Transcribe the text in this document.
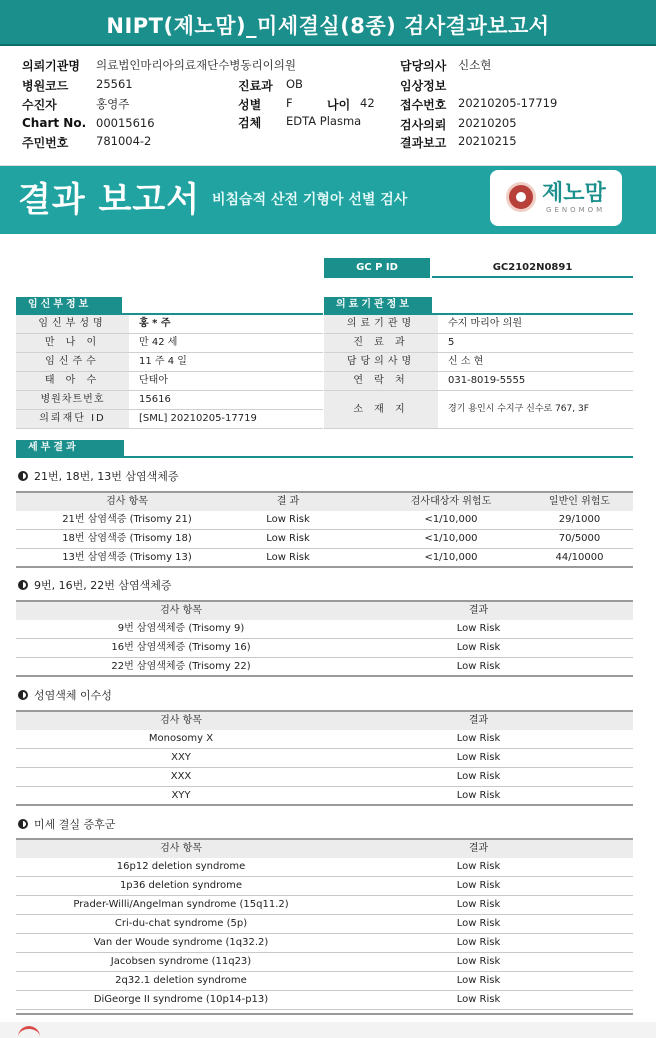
NIPT(제노맘)_미세결실(8종) 검사결과보고서
의뢰기관명 의료법인마리아의료재단수병동리이의원	담당의사 신소현
병원코드 25561	진료과 OB	임상정보
수진자	홍영주	성별 F	나이 42 접수번호 20210205-17719
Chart No. 00015616	검체 EDTA Plasma	검사의뢰 20210205
주민번호 781004-2	결과보고 20210215
결과 보고서 비침습적 산전 기형아 선별 검사	제노맘
GENOMOM
GC P ID	GC2102N0891
임신부정보	의료기관정보
임신부성명	홍 * 주
만 나 이	만 42 세
임신주수	11 주 4 일
태 아 수	단태아
병원차트번호	15616
의뢰재단 ID	[SML] 20210205-17719
의료기관명	수지 마리아 의원
진 료 과	5
담당의사명	신 소 현
연 락 처	031-8019-5555
소 재 지	경기 용인시 수지구 신수로 767, 3F
세부결과
21번, 18번, 13번 삼염색체증
검사 항목	결 과	검사대상자 위험도	일반인 위험도
21번 삼염색증 (Trisomy 21)	Low Risk	<1/10,000	29/1000
18번 삼염색증 (Trisomy 18)	Low Risk	<1/10,000	70/5000
13번 삼염색증 (Trisomy 13)	Low Risk	<1/10,000	44/10000
9번, 16번, 22번 삼염색체증
검사 항목	결과
9번 삼염색체증 (Trisomy 9)	Low Risk
16번 삼염색체증 (Trisomy 16)	Low Risk
22번 삼염색체증 (Trisomy 22)	Low Risk
성염색체 이수성
검사 항목	결과
Monosomy X	Low Risk
XXY	Low Risk
XXX	Low Risk
XYY	Low Risk
미세 결실 증후군
검사 항목	결과
16p12 deletion syndrome	Low Risk
1p36 deletion syndrome	Low Risk
Prader-Willi/Angelman syndrome (15q11.2)	Low Risk
Cri-du-chat syndrome (5p)	Low Risk
Van der Woude syndrome (1q32.2)	Low Risk
Jacobsen syndrome (11q23)	Low Risk
2q32.1 deletion syndrome	Low Risk
DiGeorge II syndrome (10p14-p13)	Low Risk
